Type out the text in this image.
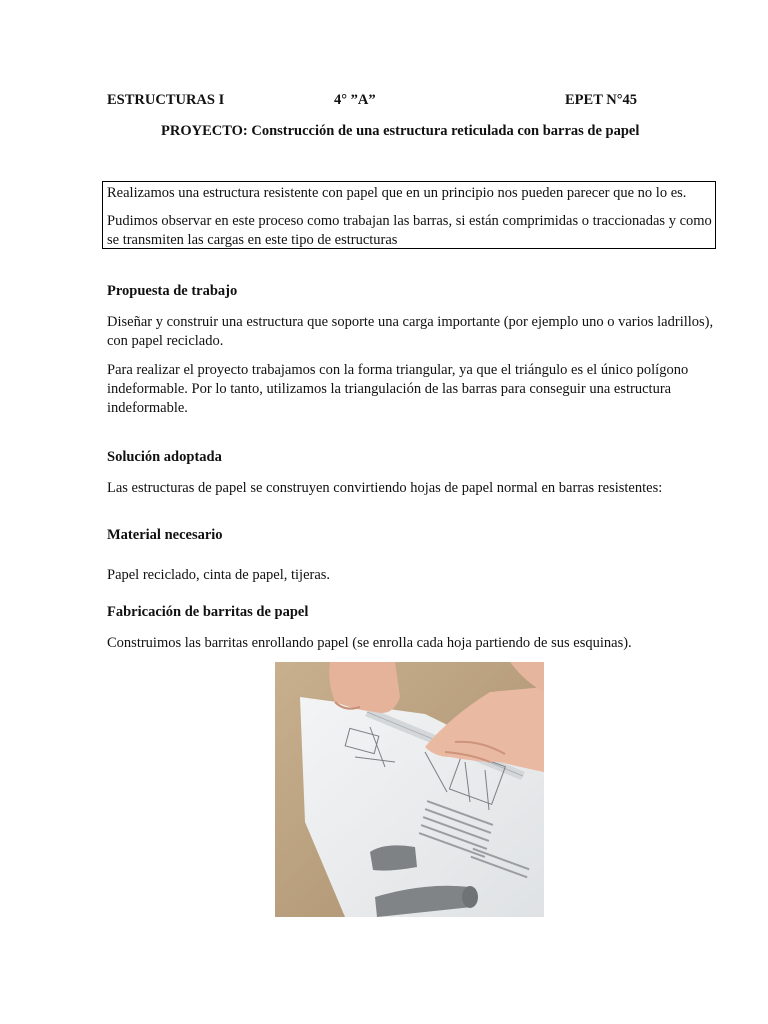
ESTRUCTURAS I	4° ”A”	EPET N°45
PROYECTO: Construcción de una estructura reticulada con barras de papel

Realizamos una estructura resistente con papel que en un principio nos pueden parecer que no lo es.

Pudimos observar en este proceso como trabajan las barras, si están comprimidas o traccionadas y como se transmiten las cargas en este tipo de estructuras

Propuesta de trabajo

Diseñar y construir una estructura que soporte una carga importante (por ejemplo uno o varios ladrillos), con papel reciclado.

Para realizar el proyecto trabajamos con la forma triangular, ya que el triángulo es el único polígono indeformable. Por lo tanto, utilizamos la triangulación de las barras para conseguir una estructura indeformable.

Solución adoptada

Las estructuras de papel se construyen convirtiendo hojas de papel normal en barras resistentes:

Material necesario

Papel reciclado, cinta de papel, tijeras.

Fabricación de barritas de papel

Construimos las barritas enrollando papel (se enrolla cada hoja partiendo de sus esquinas).
